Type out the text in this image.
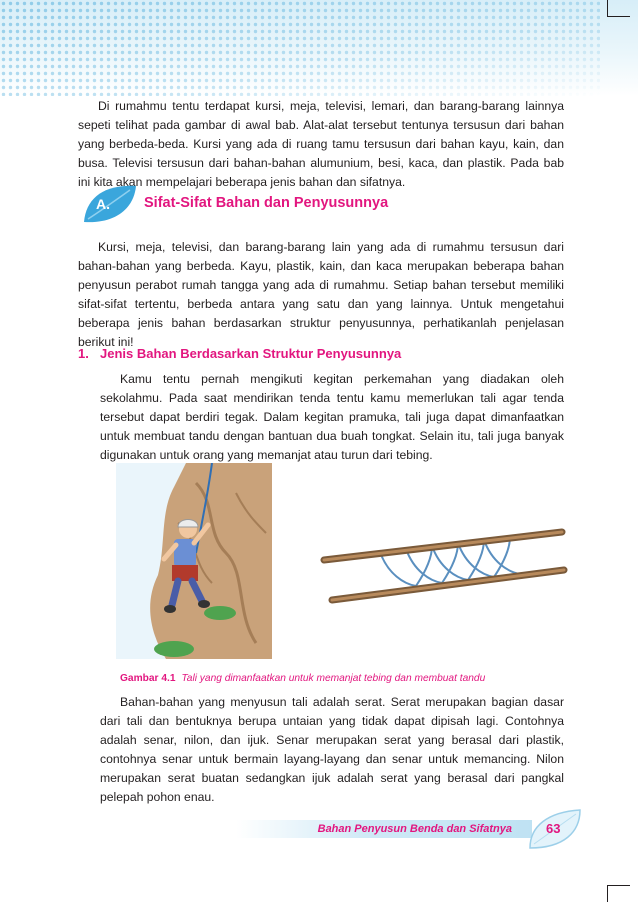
Di rumahmu tentu terdapat kursi, meja, televisi, lemari, dan barang-barang lainnya sepeti telihat pada gambar di awal bab. Alat-alat tersebut tentunya tersusun dari bahan yang berbeda-beda. Kursi yang ada di ruang tamu tersusun dari bahan kayu, kain, dan busa. Televisi tersusun dari bahan-bahan alumunium, besi, kaca, dan plastik. Pada bab ini kita akan mempelajari beberapa jenis bahan dan sifatnya.

A. Sifat-Sifat Bahan dan Penyusunnya

Kursi, meja, televisi, dan barang-barang lain yang ada di rumahmu tersusun dari bahan-bahan yang berbeda. Kayu, plastik, kain, dan kaca merupakan beberapa bahan penyusun perabot rumah tangga yang ada di rumahmu. Setiap bahan tersebut memiliki sifat-sifat tertentu, berbeda antara yang satu dan yang lainnya. Untuk mengetahui beberapa jenis bahan berdasarkan struktur penyusunnya, perhatikanlah penjelasan berikut ini!

1. Jenis Bahan Berdasarkan Struktur Penyusunnya

Kamu tentu pernah mengikuti kegitan perkemahan yang diadakan oleh sekolahmu. Pada saat mendirikan tenda tentu kamu memerlukan tali agar tenda tersebut dapat berdiri tegak. Dalam kegitan pramuka, tali juga dapat dimanfaatkan untuk membuat tandu dengan bantuan dua buah tongkat. Selain itu, tali juga banyak digunakan untuk orang yang memanjat atau turun dari tebing.

Gambar 4.1 Tali yang dimanfaatkan untuk memanjat tebing dan membuat tandu

Bahan-bahan yang menyusun tali adalah serat. Serat merupakan bagian dasar dari tali dan bentuknya berupa untaian yang tidak dapat dipisah lagi. Contohnya adalah senar, nilon, dan ijuk. Senar merupakan serat yang berasal dari plastik, contohnya senar untuk bermain layang-layang dan senar untuk memancing. Nilon merupakan serat buatan sedangkan ijuk adalah serat yang berasal dari pangkal pelepah pohon enau.

Bahan Penyusun Benda dan Sifatnya	63
